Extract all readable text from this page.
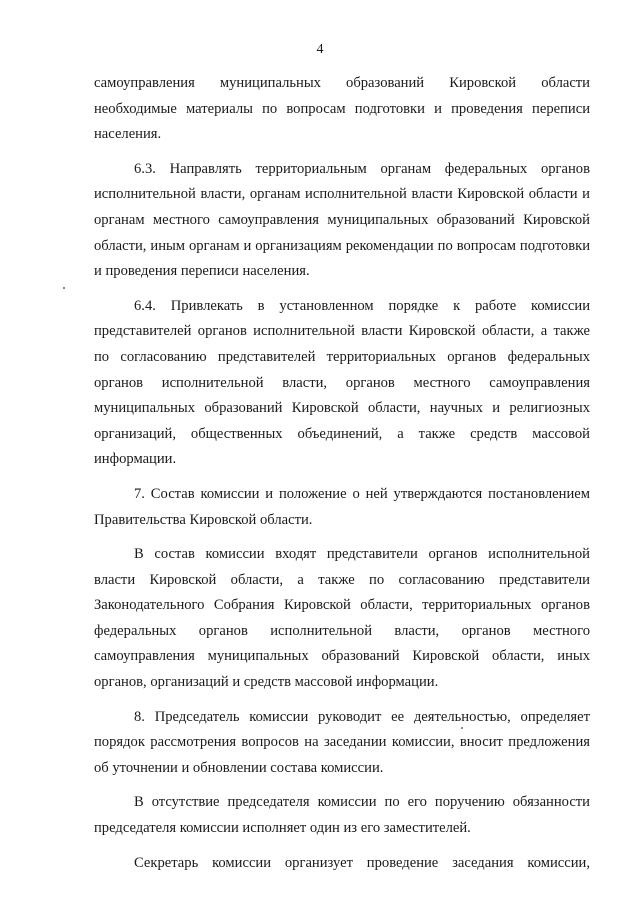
4

самоуправления муниципальных образований Кировской области необходимые материалы по вопросам подготовки и проведения переписи населения.

6.3. Направлять территориальным органам федеральных органов исполнительной власти, органам исполнительной власти Кировской области и органам местного самоуправления муниципальных образований Кировской области, иным органам и организациям рекомендации по вопросам подготовки и проведения переписи населения.

6.4. Привлекать в установленном порядке к работе комиссии представителей органов исполнительной власти Кировской области, а также по согласованию представителей территориальных органов федеральных органов исполнительной власти, органов местного самоуправления муниципальных образований Кировской области, научных и религиозных организаций, общественных объединений, а также средств массовой информации.

7. Состав комиссии и положение о ней утверждаются постановлением Правительства Кировской области.

В состав комиссии входят представители органов исполнительной власти Кировской области, а также по согласованию представители Законодательного Собрания Кировской области, территориальных органов федеральных органов исполнительной власти, органов местного самоуправления муниципальных образований Кировской области, иных органов, организаций и средств массовой информации.

8. Председатель комиссии руководит ее деятельностью, определяет порядок рассмотрения вопросов на заседании комиссии, вносит предложения об уточнении и обновлении состава комиссии.

В отсутствие председателя комиссии по его поручению обязанности председателя комиссии исполняет один из его заместителей.

Секретарь комиссии организует проведение заседания комиссии,
